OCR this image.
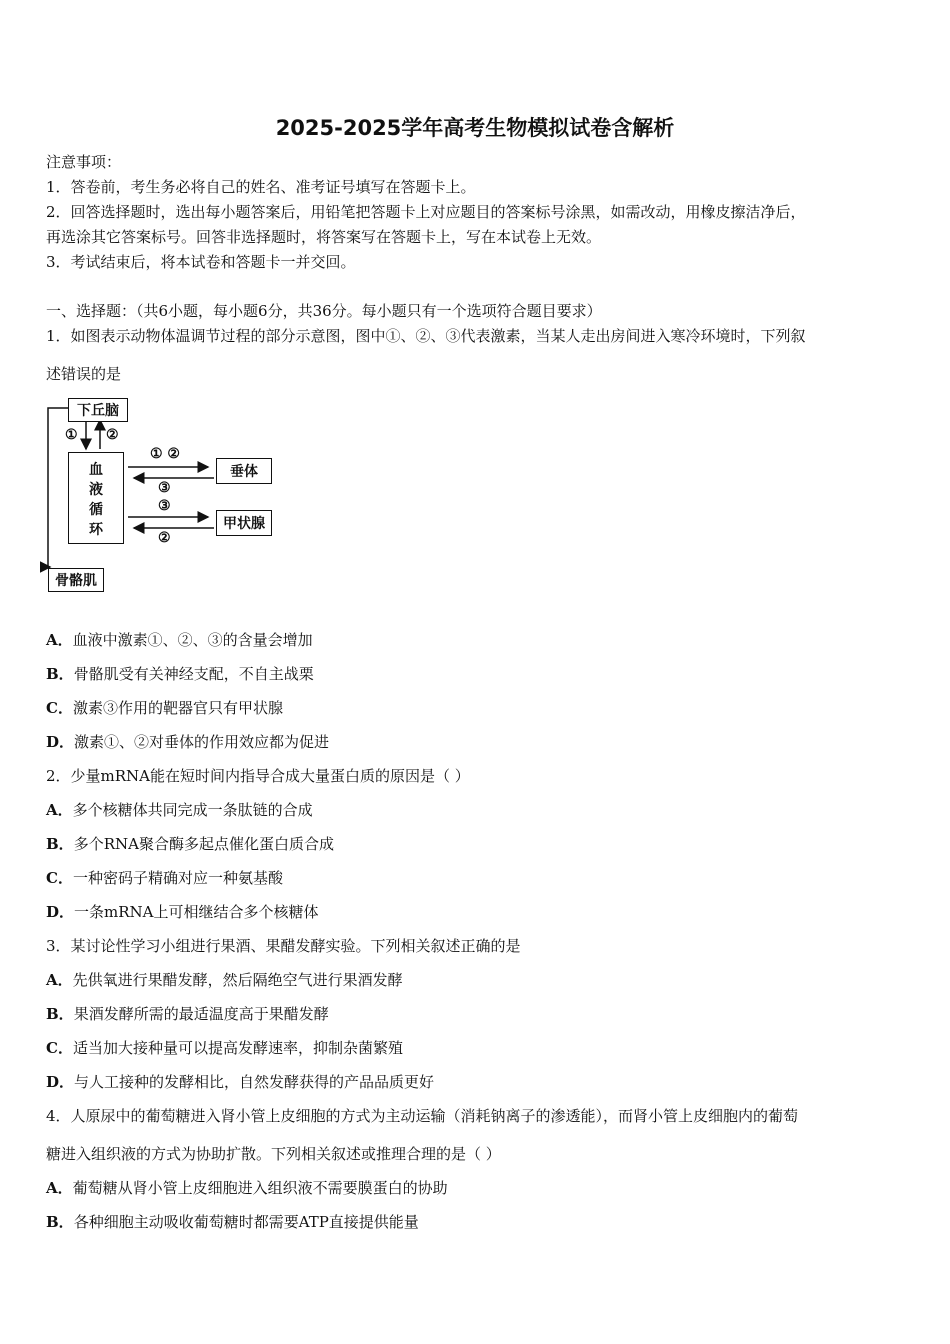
2025-2025学年高考生物模拟试卷含解析
注意事项：
1．答卷前，考生务必将自己的姓名、准考证号填写在答题卡上。
2．回答选择题时，选出每小题答案后，用铅笔把答题卡上对应题目的答案标号涂黑，如需改动，用橡皮擦洁净后，
再选涂其它答案标号。回答非选择题时，将答案写在答题卡上，写在本试卷上无效。
3．考试结束后，将本试卷和答题卡一并交回。
一、选择题：（共6小题，每小题6分，共36分。每小题只有一个选项符合题目要求）
1．如图表示动物体温调节过程的部分示意图，图中①、②、③代表激素，当某人走出房间进入寒冷环境时，下列叙
述错误的是
下丘脑
① ②
血
液
循
环
① ②
③
③
②
垂体
甲状腺
骨骼肌
A．血液中激素①、②、③的含量会增加
B．骨骼肌受有关神经支配，不自主战栗
C．激素③作用的靶器官只有甲状腺
D．激素①、②对垂体的作用效应都为促进
2．少量mRNA能在短时间内指导合成大量蛋白质的原因是（ ）
A．多个核糖体共同完成一条肽链的合成
B．多个RNA聚合酶多起点催化蛋白质合成
C．一种密码子精确对应一种氨基酸
D．一条mRNA上可相继结合多个核糖体
3．某讨论性学习小组进行果酒、果醋发酵实验。下列相关叙述正确的是
A．先供氧进行果醋发酵，然后隔绝空气进行果酒发酵
B．果酒发酵所需的最适温度高于果醋发酵
C．适当加大接种量可以提高发酵速率，抑制杂菌繁殖
D．与人工接种的发酵相比，自然发酵获得的产品品质更好
4．人原尿中的葡萄糖进入肾小管上皮细胞的方式为主动运输（消耗钠离子的渗透能），而肾小管上皮细胞内的葡萄
糖进入组织液的方式为协助扩散。下列相关叙述或推理合理的是（ ）
A．葡萄糖从肾小管上皮细胞进入组织液不需要膜蛋白的协助
B．各种细胞主动吸收葡萄糖时都需要ATP直接提供能量
